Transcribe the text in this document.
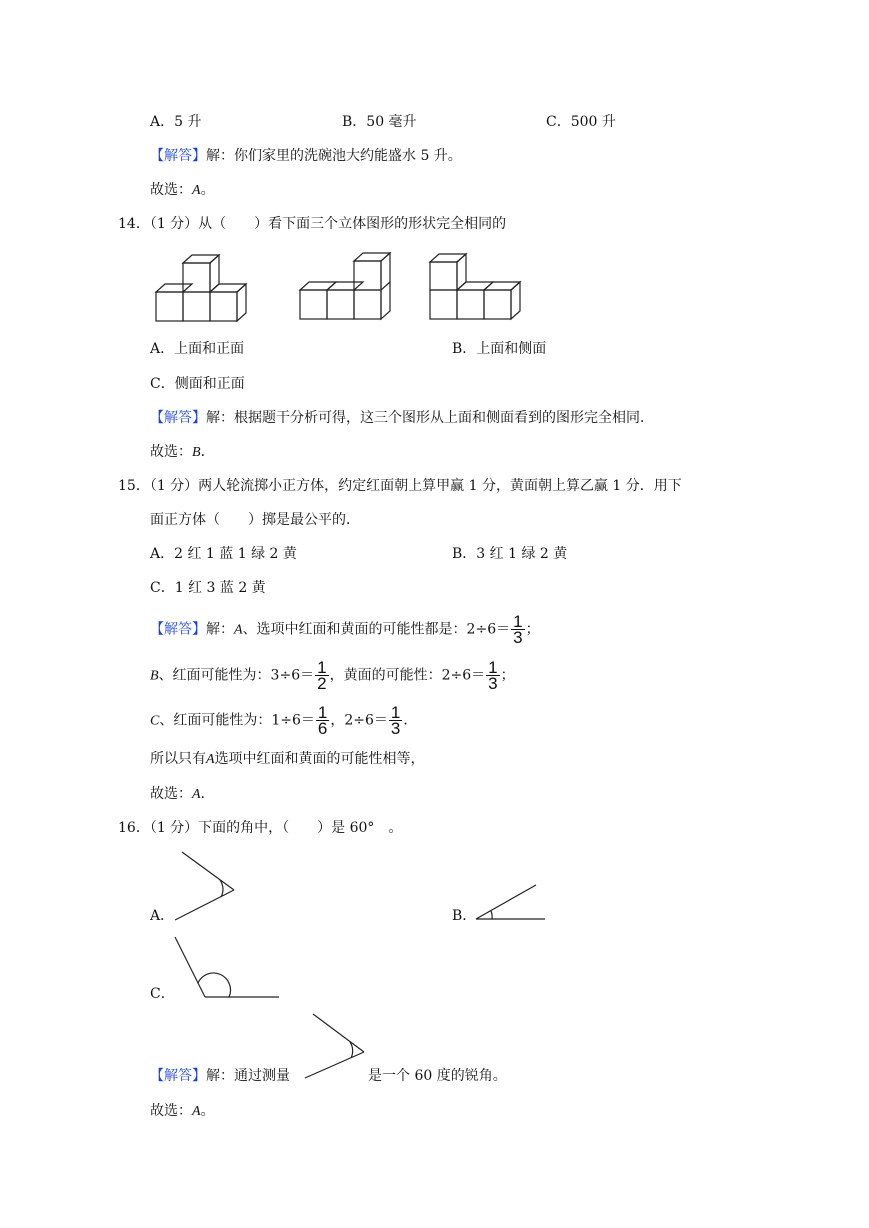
A．5 升	B．50 毫升	C．500 升
【解答】解：你们家里的洗碗池大约能盛水 5 升。
故选：A。
14．（1 分）从（　　）看下面三个立体图形的形状完全相同的
A．上面和正面	B．上面和侧面
C．侧面和正面
【解答】解：根据题干分析可得，这三个图形从上面和侧面看到的图形完全相同．
故选：B．
15．（1 分）两人轮流掷小正方体，约定红面朝上算甲赢 1 分，黄面朝上算乙赢 1 分．用下
面正方体（　　）掷是最公平的．
A．2 红 1 蓝 1 绿 2 黄	B．3 红 1 绿 2 黄
C．1 红 3 蓝 2 黄
【解答】解：A、选项中红面和黄面的可能性都是：$2\div 6= \frac{1}{3}$ ；
B、红面可能性为：$3\div 6= \frac{1}{2}$ ，黄面的可能性：$2\div 6= \frac{1}{3}$ ；
C、红面可能性为：$1\div 6= \frac{1}{6}$ ，$2\div 6= \frac{1}{3}$ ．
所以只有A选项中红面和黄面的可能性相等，
故选：A．
16．（1 分）下面的角中，（　　）是 60°　。
A．	B．
C．
【解答】解：通过测量	是一个 60 度的锐角。
故选：A。
